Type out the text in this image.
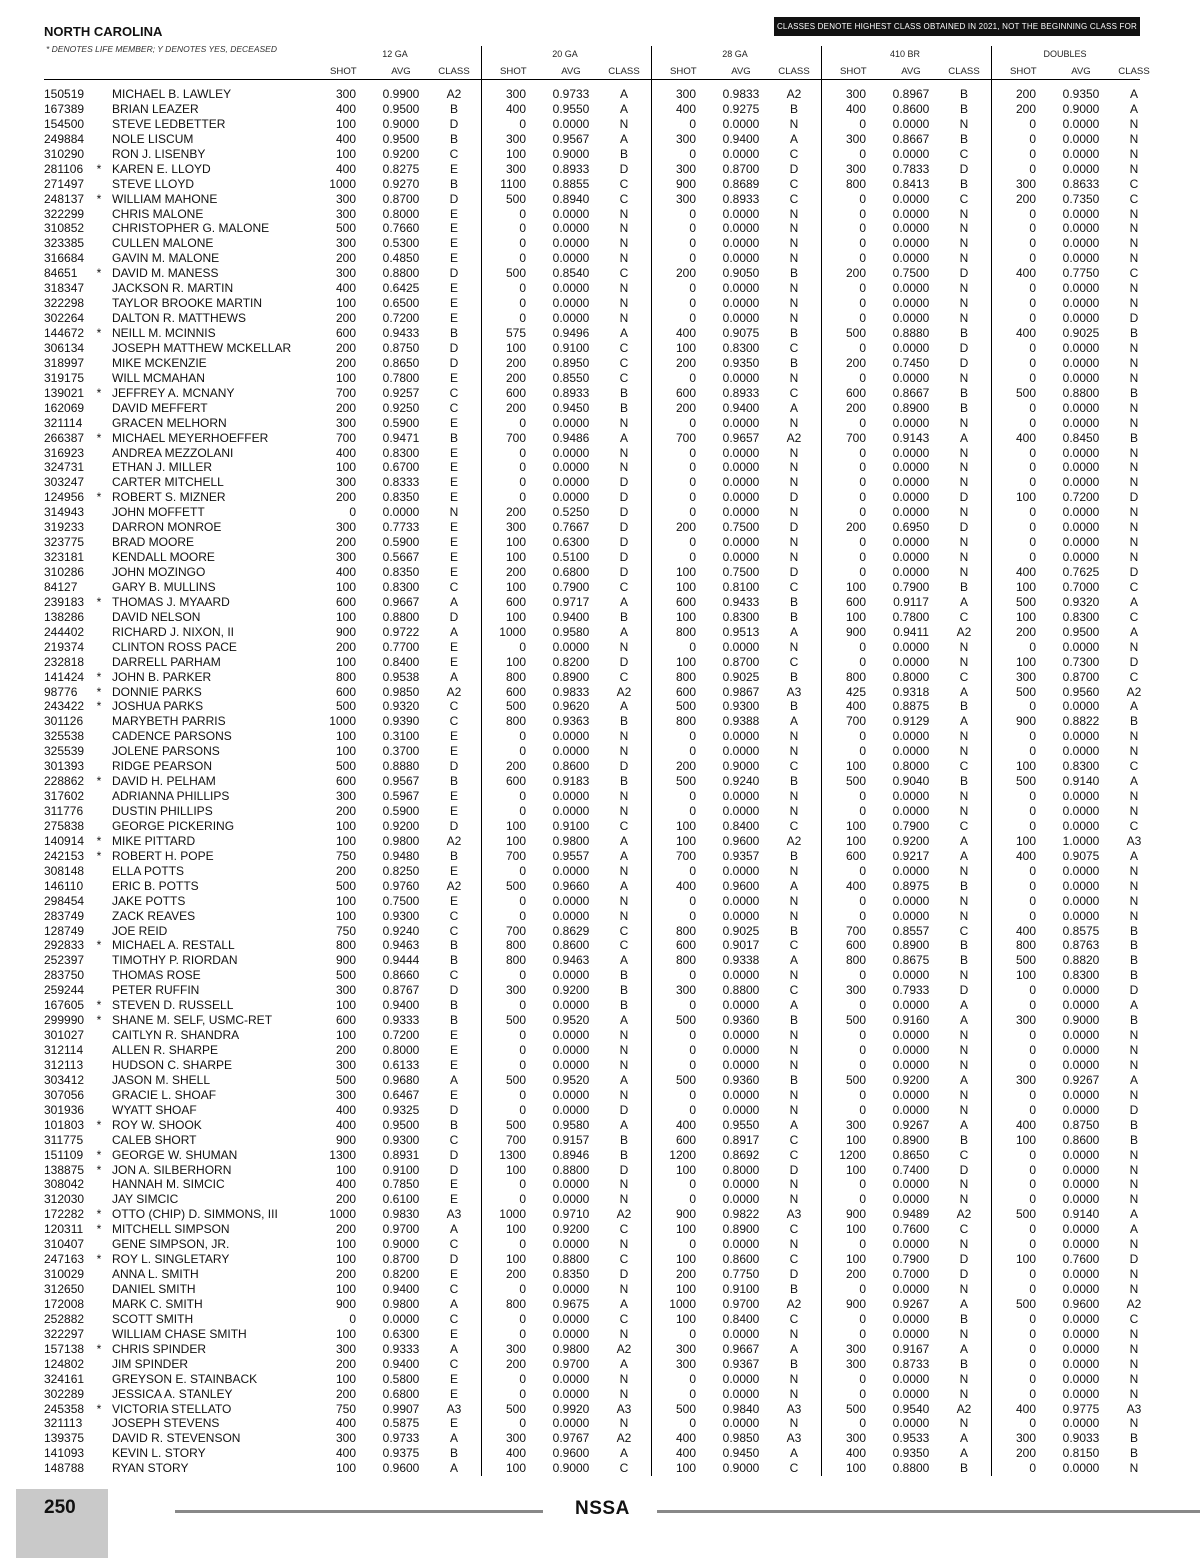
NORTH CAROLINA
* DENOTES LIFE MEMBER; Y DENOTES YES, DECEASED
CLASSES DENOTE HIGHEST CLASS OBTAINED IN 2021, NOT THE BEGINNING CLASS FOR 2022.
12 GA	20 GA	28 GA	410 BR	DOUBLES
SHOT	AVG	CLASS	SHOT	AVG	CLASS	SHOT	AVG	CLASS	SHOT	AVG	CLASS	SHOT	AVG	CLASS
150519 MICHAEL B. LAWLEY	300	0.9900	A2	300	0.9733	A	300	0.9833	A2	300	0.8967	B	200	0.9350	A
167389 BRIAN LEAZER	400	0.9500	B	400	0.9550	A	400	0.9275	B	400	0.8600	B	200	0.9000	A
154500 STEVE LEDBETTER	100	0.9000	D	0	0.0000	N	0	0.0000	N	0	0.0000	N	0	0.0000	N
249884 NOLE LISCUM	400	0.9500	B	300	0.9567	A	300	0.9400	A	300	0.8667	B	0	0.0000	N
310290 RON J. LISENBY	100	0.9200	C	100	0.9000	B	0	0.0000	C	0	0.0000	C	0	0.0000	N
281106 * KAREN E. LLOYD	400	0.8275	E	300	0.8933	D	300	0.8700	D	300	0.7833	D	0	0.0000	N
271497 STEVE LLOYD	1000	0.9270	B	1100	0.8855	C	900	0.8689	C	800	0.8413	B	300	0.8633	C
248137 * WILLIAM MAHONE	300	0.8700	D	500	0.8940	C	300	0.8933	C	0	0.0000	C	200	0.7350	C
322299 CHRIS MALONE	300	0.8000	E	0	0.0000	N	0	0.0000	N	0	0.0000	N	0	0.0000	N
310852 CHRISTOPHER G. MALONE	500	0.7660	E	0	0.0000	N	0	0.0000	N	0	0.0000	N	0	0.0000	N
323385 CULLEN MALONE	300	0.5300	E	0	0.0000	N	0	0.0000	N	0	0.0000	N	0	0.0000	N
316684 GAVIN M. MALONE	200	0.4850	E	0	0.0000	N	0	0.0000	N	0	0.0000	N	0	0.0000	N
84651 * DAVID M. MANESS	300	0.8800	D	500	0.8540	C	200	0.9050	B	200	0.7500	D	400	0.7750	C
318347 JACKSON R. MARTIN	400	0.6425	E	0	0.0000	N	0	0.0000	N	0	0.0000	N	0	0.0000	N
322298 TAYLOR BROOKE MARTIN	100	0.6500	E	0	0.0000	N	0	0.0000	N	0	0.0000	N	0	0.0000	N
302264 DALTON R. MATTHEWS	200	0.7200	E	0	0.0000	N	0	0.0000	N	0	0.0000	N	0	0.0000	D
144672 * NEILL M. MCINNIS	600	0.9433	B	575	0.9496	A	400	0.9075	B	500	0.8880	B	400	0.9025	B
306134 JOSEPH MATTHEW MCKELLAR	200	0.8750	D	100	0.9100	C	100	0.8300	C	0	0.0000	D	0	0.0000	N
318997 MIKE MCKENZIE	200	0.8650	D	200	0.8950	C	200	0.9350	B	200	0.7450	D	0	0.0000	N
319175 WILL MCMAHAN	100	0.7800	E	200	0.8550	C	0	0.0000	N	0	0.0000	N	0	0.0000	N
139021 * JEFFREY A. MCNANY	700	0.9257	C	600	0.8933	B	600	0.8933	C	600	0.8667	B	500	0.8800	B
162069 DAVID MEFFERT	200	0.9250	C	200	0.9450	B	200	0.9400	A	200	0.8900	B	0	0.0000	N
321114 GRACEN MELHORN	300	0.5900	E	0	0.0000	N	0	0.0000	N	0	0.0000	N	0	0.0000	N
266387 * MICHAEL MEYERHOEFFER	700	0.9471	B	700	0.9486	A	700	0.9657	A2	700	0.9143	A	400	0.8450	B
316923 ANDREA MEZZOLANI	400	0.8300	E	0	0.0000	N	0	0.0000	N	0	0.0000	N	0	0.0000	N
324731 ETHAN J. MILLER	100	0.6700	E	0	0.0000	N	0	0.0000	N	0	0.0000	N	0	0.0000	N
303247 CARTER MITCHELL	300	0.8333	E	0	0.0000	D	0	0.0000	N	0	0.0000	N	0	0.0000	N
124956 * ROBERT S. MIZNER	200	0.8350	E	0	0.0000	D	0	0.0000	D	0	0.0000	D	100	0.7200	D
314943 JOHN MOFFETT	0	0.0000	N	200	0.5250	D	0	0.0000	N	0	0.0000	N	0	0.0000	N
319233 DARRON MONROE	300	0.7733	E	300	0.7667	D	200	0.7500	D	200	0.6950	D	0	0.0000	N
323775 BRAD MOORE	200	0.5900	E	100	0.6300	D	0	0.0000	N	0	0.0000	N	0	0.0000	N
323181 KENDALL MOORE	300	0.5667	E	100	0.5100	D	0	0.0000	N	0	0.0000	N	0	0.0000	N
310286 JOHN MOZINGO	400	0.8350	E	200	0.6800	D	100	0.7500	D	0	0.0000	N	400	0.7625	D
84127	GARY B. MULLINS	100	0.8300	C	100	0.7900	C	100	0.8100	C	100	0.7900	B	100	0.7000	C
239183 * THOMAS J. MYAARD	600	0.9667	A	600	0.9717	A	600	0.9433	B	600	0.9117	A	500	0.9320	A
138286 DAVID NELSON	100	0.8800	D	100	0.9400	B	100	0.8300	B	100	0.7800	C	100	0.8300	C
244402 RICHARD J. NIXON, II	900	0.9722	A	1000	0.9580	A	800	0.9513	A	900	0.9411	A2	200	0.9500	A
219374 CLINTON ROSS PACE	200	0.7700	E	0	0.0000	N	0	0.0000	N	0	0.0000	N	0	0.0000	N
232818 DARRELL PARHAM	100	0.8400	E	100	0.8200	D	100	0.8700	C	0	0.0000	N	100	0.7300	D
141424 * JOHN B. PARKER	800	0.9538	A	800	0.8900	C	800	0.9025	B	800	0.8000	C	300	0.8700	C
98776 * DONNIE PARKS	600	0.9850	A2	600	0.9833	A2	600	0.9867	A3	425	0.9318	A	500	0.9560	A2
243422 * JOSHUA PARKS	500	0.9320	C	500	0.9620	A	500	0.9300	B	400	0.8875	B	0	0.0000	A
301126 MARYBETH PARRIS	1000	0.9390	C	800	0.9363	B	800	0.9388	A	700	0.9129	A	900	0.8822	B
325538 CADENCE PARSONS	100	0.3100	E	0	0.0000	N	0	0.0000	N	0	0.0000	N	0	0.0000	N
325539 JOLENE PARSONS	100	0.3700	E	0	0.0000	N	0	0.0000	N	0	0.0000	N	0	0.0000	N
301393 RIDGE PEARSON	500	0.8880	D	200	0.8600	D	200	0.9000	C	100	0.8000	C	100	0.8300	C
228862 * DAVID H. PELHAM	600	0.9567	B	600	0.9183	B	500	0.9240	B	500	0.9040	B	500	0.9140	A
317602 ADRIANNA PHILLIPS	300	0.5967	E	0	0.0000	N	0	0.0000	N	0	0.0000	N	0	0.0000	N
311776 DUSTIN PHILLIPS	200	0.5900	E	0	0.0000	N	0	0.0000	N	0	0.0000	N	0	0.0000	N
275838 GEORGE PICKERING	100	0.9200	D	100	0.9100	C	100	0.8400	C	100	0.7900	C	0	0.0000	C
140914 * MIKE PITTARD	100	0.9800	A2	100	0.9800	A	100	0.9600	A2	100	0.9200	A	100	1.0000	A3
242153 * ROBERT H. POPE	750	0.9480	B	700	0.9557	A	700	0.9357	B	600	0.9217	A	400	0.9075	A
308148 ELLA POTTS	200	0.8250	E	0	0.0000	N	0	0.0000	N	0	0.0000	N	0	0.0000	N
146110 ERIC B. POTTS	500	0.9760	A2	500	0.9660	A	400	0.9600	A	400	0.8975	B	0	0.0000	N
298454 JAKE POTTS	100	0.7500	E	0	0.0000	N	0	0.0000	N	0	0.0000	N	0	0.0000	N
283749 ZACK REAVES	100	0.9300	C	0	0.0000	N	0	0.0000	N	0	0.0000	N	0	0.0000	N
128749 JOE REID	750	0.9240	C	700	0.8629	C	800	0.9025	B	700	0.8557	C	400	0.8575	B
292833 * MICHAEL A. RESTALL	800	0.9463	B	800	0.8600	C	600	0.9017	C	600	0.8900	B	800	0.8763	B
252397 TIMOTHY P. RIORDAN	900	0.9444	B	800	0.9463	A	800	0.9338	A	800	0.8675	B	500	0.8820	B
283750 THOMAS ROSE	500	0.8660	C	0	0.0000	B	0	0.0000	N	0	0.0000	N	100	0.8300	B
259244 PETER RUFFIN	300	0.8767	D	300	0.9200	B	300	0.8800	C	300	0.7933	D	0	0.0000	D
167605 * STEVEN D. RUSSELL	100	0.9400	B	0	0.0000	B	0	0.0000	A	0	0.0000	A	0	0.0000	A
299990 * SHANE M. SELF, USMC-RET	600	0.9333	B	500	0.9520	A	500	0.9360	B	500	0.9160	A	300	0.9000	B
301027 CAITLYN R. SHANDRA	100	0.7200	E	0	0.0000	N	0	0.0000	N	0	0.0000	N	0	0.0000	N
312114 ALLEN R. SHARPE	200	0.8000	E	0	0.0000	N	0	0.0000	N	0	0.0000	N	0	0.0000	N
312113 HUDSON C. SHARPE	300	0.6133	E	0	0.0000	N	0	0.0000	N	0	0.0000	N	0	0.0000	N
303412 JASON M. SHELL	500	0.9680	A	500	0.9520	A	500	0.9360	B	500	0.9200	A	300	0.9267	A
307056 GRACIE L. SHOAF	300	0.6467	E	0	0.0000	N	0	0.0000	N	0	0.0000	N	0	0.0000	N
301936 WYATT SHOAF	400	0.9325	D	0	0.0000	D	0	0.0000	N	0	0.0000	N	0	0.0000	D
101803 * ROY W. SHOOK	400	0.9500	B	500	0.9580	A	400	0.9550	A	300	0.9267	A	400	0.8750	B
311775 CALEB SHORT	900	0.9300	C	700	0.9157	B	600	0.8917	C	100	0.8900	B	100	0.8600	B
151109 * GEORGE W. SHUMAN	1300	0.8931	D	1300	0.8946	B	1200	0.8692	C	1200	0.8650	C	0	0.0000	N
138875 * JON A. SILBERHORN	100	0.9100	D	100	0.8800	D	100	0.8000	D	100	0.7400	D	0	0.0000	N
308042 HANNAH M. SIMCIC	400	0.7850	E	0	0.0000	N	0	0.0000	N	0	0.0000	N	0	0.0000	N
312030 JAY SIMCIC	200	0.6100	E	0	0.0000	N	0	0.0000	N	0	0.0000	N	0	0.0000	N
172282 * OTTO (CHIP) D. SIMMONS, III	1000	0.9830	A3	1000	0.9710	A2	900	0.9822	A3	900	0.9489	A2	500	0.9140	A
120311 * MITCHELL SIMPSON	200	0.9700	A	100	0.9200	C	100	0.8900	C	100	0.7600	C	0	0.0000	A
310407 GENE SIMPSON, JR.	100	0.9000	C	0	0.0000	N	0	0.0000	N	0	0.0000	N	0	0.0000	N
247163 * ROY L. SINGLETARY	100	0.8700	D	100	0.8800	C	100	0.8600	C	100	0.7900	D	100	0.7600	D
310029 ANNA L. SMITH	200	0.8200	E	200	0.8350	D	200	0.7750	D	200	0.7000	D	0	0.0000	N
312650 DANIEL SMITH	100	0.9400	C	0	0.0000	N	100	0.9100	B	0	0.0000	N	0	0.0000	N
172008 MARK C. SMITH	900	0.9800	A	800	0.9675	A	1000	0.9700	A2	900	0.9267	A	500	0.9600	A2
252882 SCOTT SMITH	0	0.0000	C	0	0.0000	C	100	0.8400	C	0	0.0000	B	0	0.0000	C
322297 WILLIAM CHASE SMITH	100	0.6300	E	0	0.0000	N	0	0.0000	N	0	0.0000	N	0	0.0000	N
157138 * CHRIS SPINDER	300	0.9333	A	300	0.9800	A2	300	0.9667	A	300	0.9167	A	0	0.0000	N
124802 JIM SPINDER	200	0.9400	C	200	0.9700	A	300	0.9367	B	300	0.8733	B	0	0.0000	N
324161 GREYSON E. STAINBACK	100	0.5800	E	0	0.0000	N	0	0.0000	N	0	0.0000	N	0	0.0000	N
302289 JESSICA A. STANLEY	200	0.6800	E	0	0.0000	N	0	0.0000	N	0	0.0000	N	0	0.0000	N
245358 * VICTORIA STELLATO	750	0.9907	A3	500	0.9920	A3	500	0.9840	A3	500	0.9540	A2	400	0.9775	A3
321113 JOSEPH STEVENS	400	0.5875	E	0	0.0000	N	0	0.0000	N	0	0.0000	N	0	0.0000	N
139375 DAVID R. STEVENSON	300	0.9733	A	300	0.9767	A2	400	0.9850	A3	300	0.9533	A	300	0.9033	B
141093 KEVIN L. STORY	400	0.9375	B	400	0.9600	A	400	0.9450	A	400	0.9350	A	200	0.8150	B
148788 RYAN STORY	100	0.9600	A	100	0.9000	C	100	0.9000	C	100	0.8800	B	0	0.0000	N
250	NSSA
